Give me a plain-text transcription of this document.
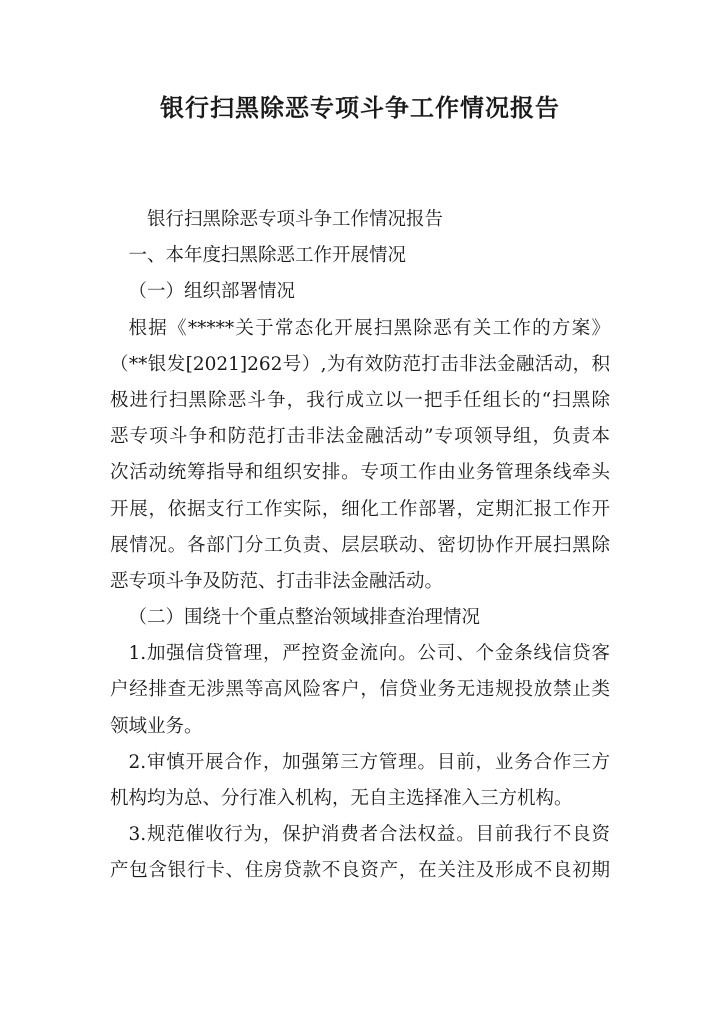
银行扫黑除恶专项斗争工作情况报告

银行扫黑除恶专项斗争工作情况报告

一、本年度扫黑除恶工作开展情况

（一）组织部署情况

根据《*****关于常态化开展扫黑除恶有关工作的方案》

（**银发[2021]262号）,为有效防范打击非法金融活动，积

极进行扫黑除恶斗争，我行成立以一把手任组长的“扫黑除

恶专项斗争和防范打击非法金融活动”专项领导组，负责本

次活动统筹指导和组织安排。专项工作由业务管理条线牵头

开展，依据支行工作实际，细化工作部署，定期汇报工作开

展情况。各部门分工负责、层层联动、密切协作开展扫黑除

恶专项斗争及防范、打击非法金融活动。

（二）围绕十个重点整治领域排查治理情况

1.加强信贷管理，严控资金流向。公司、个金条线信贷客

户经排查无涉黑等高风险客户，信贷业务无违规投放禁止类

领域业务。

2.审慎开展合作，加强第三方管理。目前，业务合作三方

机构均为总、分行准入机构，无自主选择准入三方机构。

3.规范催收行为，保护消费者合法权益。目前我行不良资

产包含银行卡、住房贷款不良资产，在关注及形成不良初期
